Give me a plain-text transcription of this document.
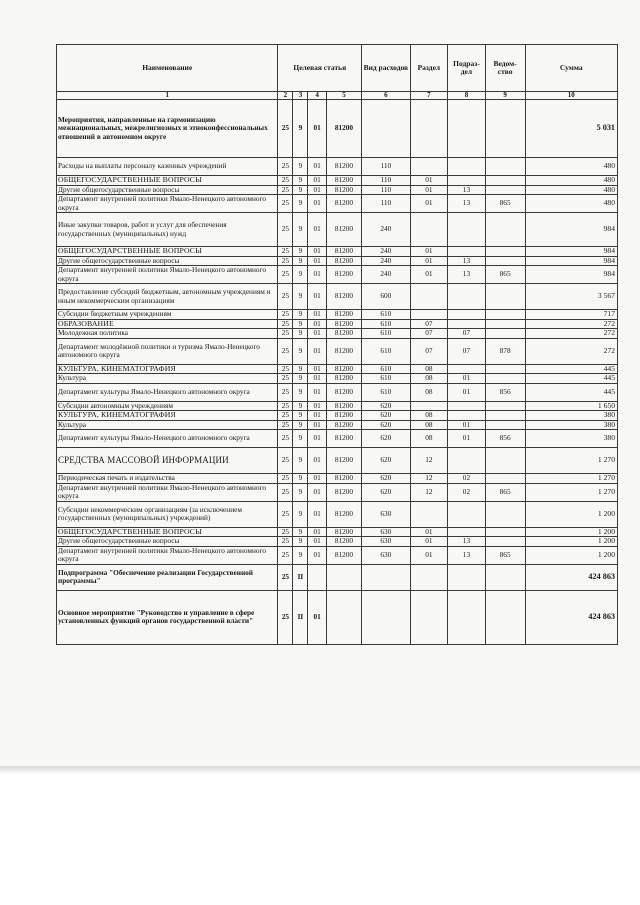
Наименование	Целевая статья				Вид расходов	Раздел	Подраз-дел	Ведом-ство	Сумма
1	2	3	4	5	6	7	8	9	10
Мероприятия, направленные на гармонизацию межнациональных, межрелигиозных и этноконфессиональных отношений в автономном округе	25	9	01	81200					5 031
Расходы на выплаты персоналу казенных учреждений	25	9	01	81200	110				480
ОБЩЕГОСУДАРСТВЕННЫЕ ВОПРОСЫ	25	9	01	81200	110	01			480
Другие общегосударственные вопросы	25	9	01	81200	110	01	13		480
Департамент внутренней политики Ямало-Ненецкого автономного округа	25	9	01	81200	110	01	13	865	480
Иные закупки товаров, работ и услуг для обеспечения государственных (муниципальных) нужд	25	9	01	81200	240				984
ОБЩЕГОСУДАРСТВЕННЫЕ ВОПРОСЫ	25	9	01	81200	240	01			984
Другие общегосударственные вопросы	25	9	01	81200	240	01	13		984
Департамент внутренней политики Ямало-Ненецкого автономного округа	25	9	01	81200	240	01	13	865	984
Предоставление субсидий бюджетным, автономным учреждениям и иным некоммерческим организациям	25	9	01	81200	600				3 567
Субсидии бюджетным учреждениям	25	9	01	81200	610				717
ОБРАЗОВАНИЕ	25	9	01	81200	610	07			272
Молодежная политика	25	9	01	81200	610	07	07		272
Департамент молодёжной политики и туризма Ямало-Ненецкого автономного округа	25	9	01	81200	610	07	07	878	272
КУЛЬТУРА, КИНЕМАТОГРАФИЯ	25	9	01	81200	610	08			445
Культура	25	9	01	81200	610	08	01		445
Департамент культуры Ямало-Ненецкого автономного округа	25	9	01	81200	610	08	01	856	445
Субсидии автономным учреждениям	25	9	01	81200	620				1 650
КУЛЬТУРА, КИНЕМАТОГРАФИЯ	25	9	01	81200	620	08			380
Культура	25	9	01	81200	620	08	01		380
Департамент культуры Ямало-Ненецкого автономного округа	25	9	01	81200	620	08	01	856	380
СРЕДСТВА МАССОВОЙ ИНФОРМАЦИИ	25	9	01	81200	620	12			1 270
Периодическая печать и издательства	25	9	01	81200	620	12	02		1 270
Департамент внутренней политики Ямало-Ненецкого автономного округа	25	9	01	81200	620	12	02	865	1 270
Субсидии некоммерческим организациям (за исключением государственных (муниципальных) учреждений)	25	9	01	81200	630				1 200
ОБЩЕГОСУДАРСТВЕННЫЕ ВОПРОСЫ	25	9	01	81200	630	01			1 200
Другие общегосударственные вопросы	25	9	01	81200	630	01	13		1 200
Департамент внутренней политики Ямало-Ненецкого автономного округа	25	9	01	81200	630	01	13	865	1 200
Подпрограмма "Обеспечение реализации Государственной программы"	25	II							424 863
Основное мероприятие "Руководство и управление в сфере установленных функций органов государственной власти"	25	II	01						424 863
